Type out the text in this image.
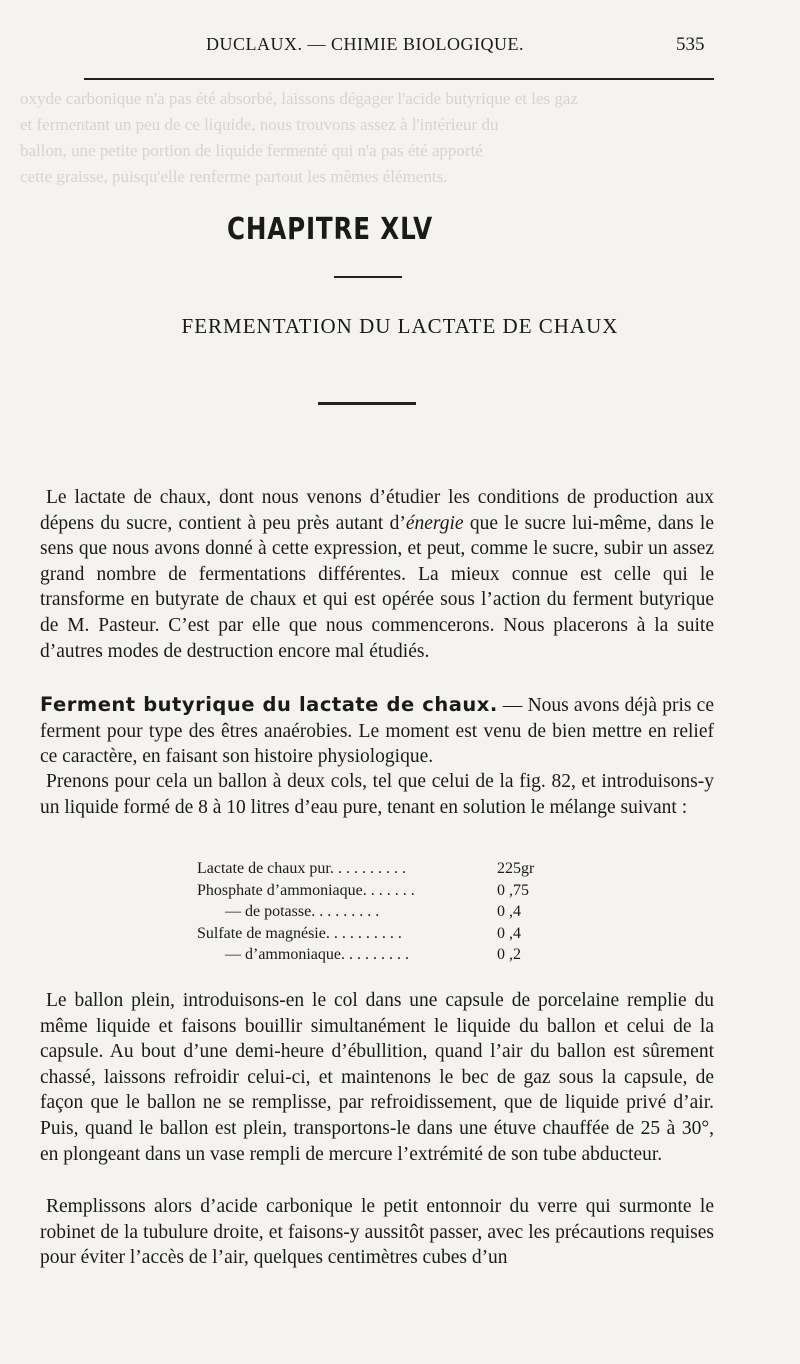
oxyde carbonique n'a pas été absorbé, laissons dégager l'acide butyrique et les gaz
et fermentant un peu de ce liquide, nous trouvons assez à l'intérieur du
ballon, une petite portion de liquide fermenté qui n'a pas été apporté
cette graisse, puisqu'elle renferme partout les mêmes éléments.
DUCLAUX. — CHIMIE BIOLOGIQUE.	535
CHAPITRE XLV
FERMENTATION DU LACTATE DE CHAUX

Le lactate de chaux, dont nous venons d’étudier les conditions de production aux dépens du sucre, contient à peu près autant d’énergie que le sucre lui-même, dans le sens que nous avons donné à cette expression, et peut, comme le sucre, subir un assez grand nombre de fermentations différentes. La mieux connue est celle qui le transforme en butyrate de chaux et qui est opérée sous l’action du ferment butyrique de M. Pasteur. C’est par elle que nous commencerons. Nous placerons à la suite d’autres modes de destruction encore mal étudiés.

Ferment butyrique du lactate de chaux. — Nous avons déjà pris ce ferment pour type des êtres anaérobies. Le moment est venu de bien mettre en relief ce caractère, en faisant son histoire physiologique.

Prenons pour cela un ballon à deux cols, tel que celui de la fig. 82, et introduisons-y un liquide formé de 8 à 10 litres d’eau pure, tenant en solution le mélange suivant :

Lactate de chaux pur. . . . . . . . . .	225gr
Phosphate d’ammoniaque. . . . . . .	0 ,75
— de potasse. . . . . . . . .	0 ,4
Sulfate de magnésie. . . . . . . . . .	0 ,4
— d’ammoniaque. . . . . . . . .	0 ,2

Le ballon plein, introduisons-en le col dans une capsule de porcelaine remplie du même liquide et faisons bouillir simultanément le liquide du ballon et celui de la capsule. Au bout d’une demi-heure d’ébullition, quand l’air du ballon est sûrement chassé, laissons refroidir celui-ci, et maintenons le bec de gaz sous la capsule, de façon que le ballon ne se remplisse, par refroidissement, que de liquide privé d’air. Puis, quand le ballon est plein, transportons-le dans une étuve chauffée de 25 à 30°, en plongeant dans un vase rempli de mercure l’extrémité de son tube abducteur.

Remplissons alors d’acide carbonique le petit entonnoir du verre qui surmonte le robinet de la tubulure droite, et faisons-y aussitôt passer, avec les précautions requises pour éviter l’accès de l’air, quelques centimètres cubes d’un
